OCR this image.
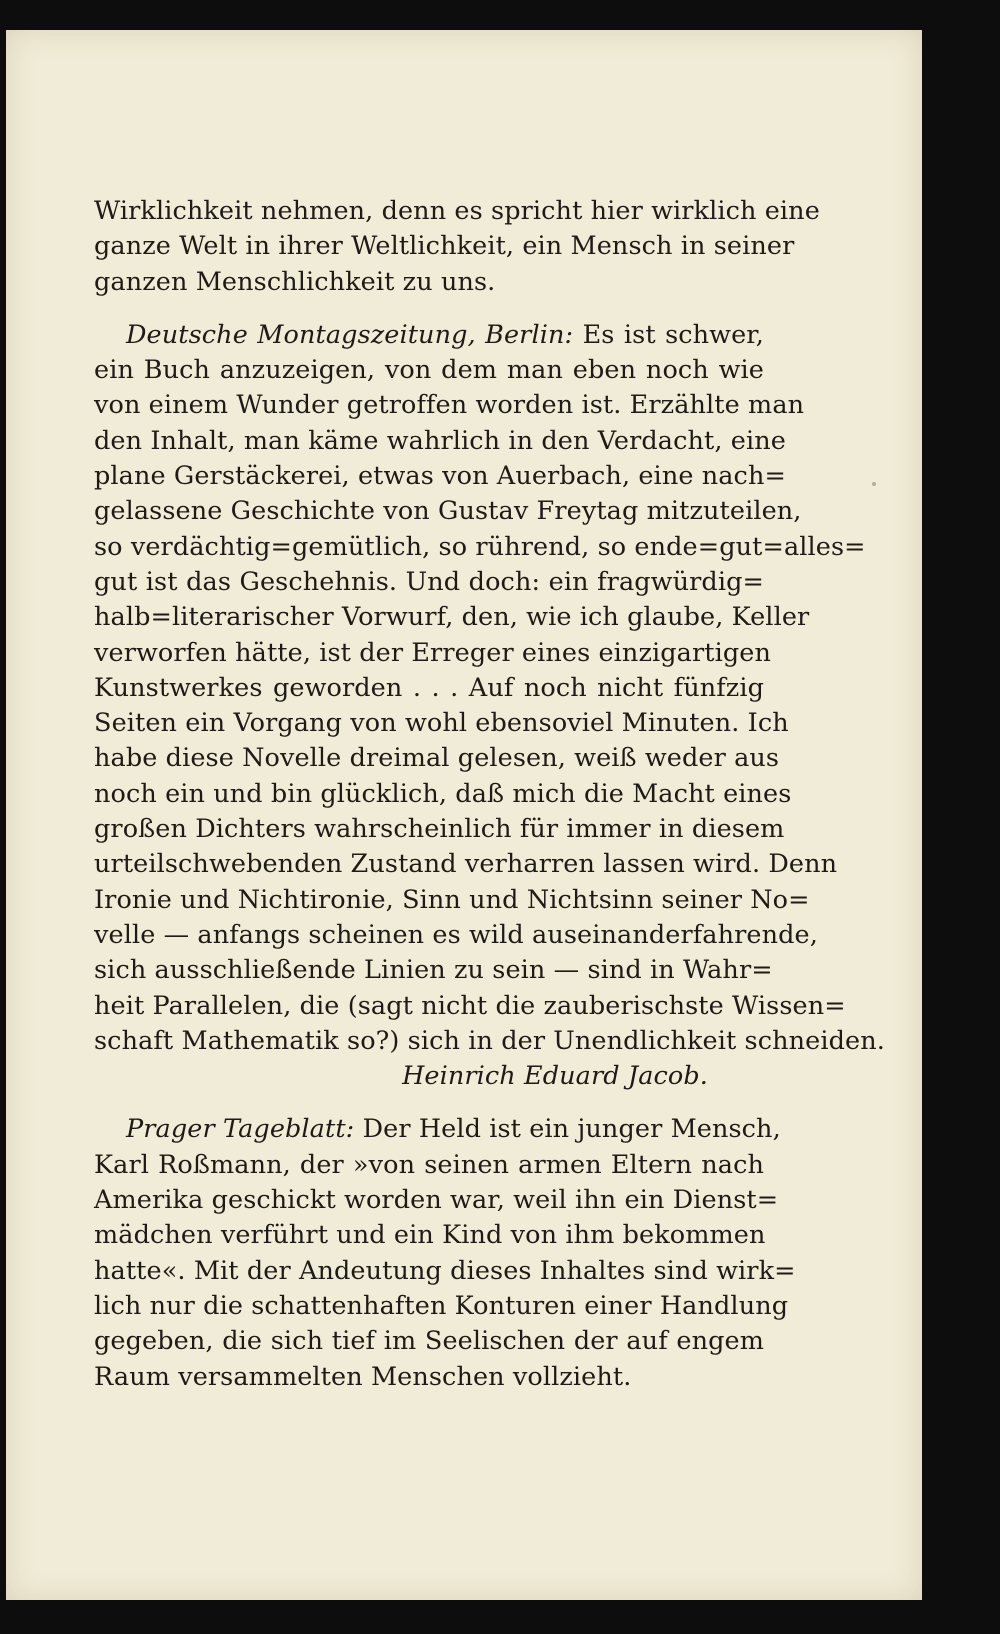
Wirklichkeit nehmen, denn es spricht hier wirklich eine
ganze Welt in ihrer Weltlichkeit, ein Mensch in seiner
ganzen Menschlichkeit zu uns.
Deutsche Montagszeitung, Berlin: Es ist schwer,
ein Buch anzuzeigen, von dem man eben noch wie
von einem Wunder getroffen worden ist. Erzählte man
den Inhalt, man käme wahrlich in den Verdacht, eine
plane Gerstäckerei, etwas von Auerbach, eine nach=
gelassene Geschichte von Gustav Freytag mitzuteilen,
so verdächtig=gemütlich, so rührend, so ende=gut=alles=
gut ist das Geschehnis. Und doch: ein fragwürdig=
halb=literarischer Vorwurf, den, wie ich glaube, Keller
verworfen hätte, ist der Erreger eines einzigartigen
Kunstwerkes geworden . . . Auf noch nicht fünfzig
Seiten ein Vorgang von wohl ebensoviel Minuten. Ich
habe diese Novelle dreimal gelesen, weiß weder aus
noch ein und bin glücklich, daß mich die Macht eines
großen Dichters wahrscheinlich für immer in diesem
urteilschwebenden Zustand verharren lassen wird. Denn
Ironie und Nichtironie, Sinn und Nichtsinn seiner No=
velle — anfangs scheinen es wild auseinanderfahrende,
sich ausschließende Linien zu sein — sind in Wahr=
heit Parallelen, die (sagt nicht die zauberischste Wissen=
schaft Mathematik so?) sich in der Unendlichkeit schneiden.
Heinrich Eduard Jacob.
Prager Tageblatt: Der Held ist ein junger Mensch,
Karl Roßmann, der »von seinen armen Eltern nach
Amerika geschickt worden war, weil ihn ein Dienst=
mädchen verführt und ein Kind von ihm bekommen
hatte«. Mit der Andeutung dieses Inhaltes sind wirk=
lich nur die schattenhaften Konturen einer Handlung
gegeben, die sich tief im Seelischen der auf engem
Raum versammelten Menschen vollzieht.
